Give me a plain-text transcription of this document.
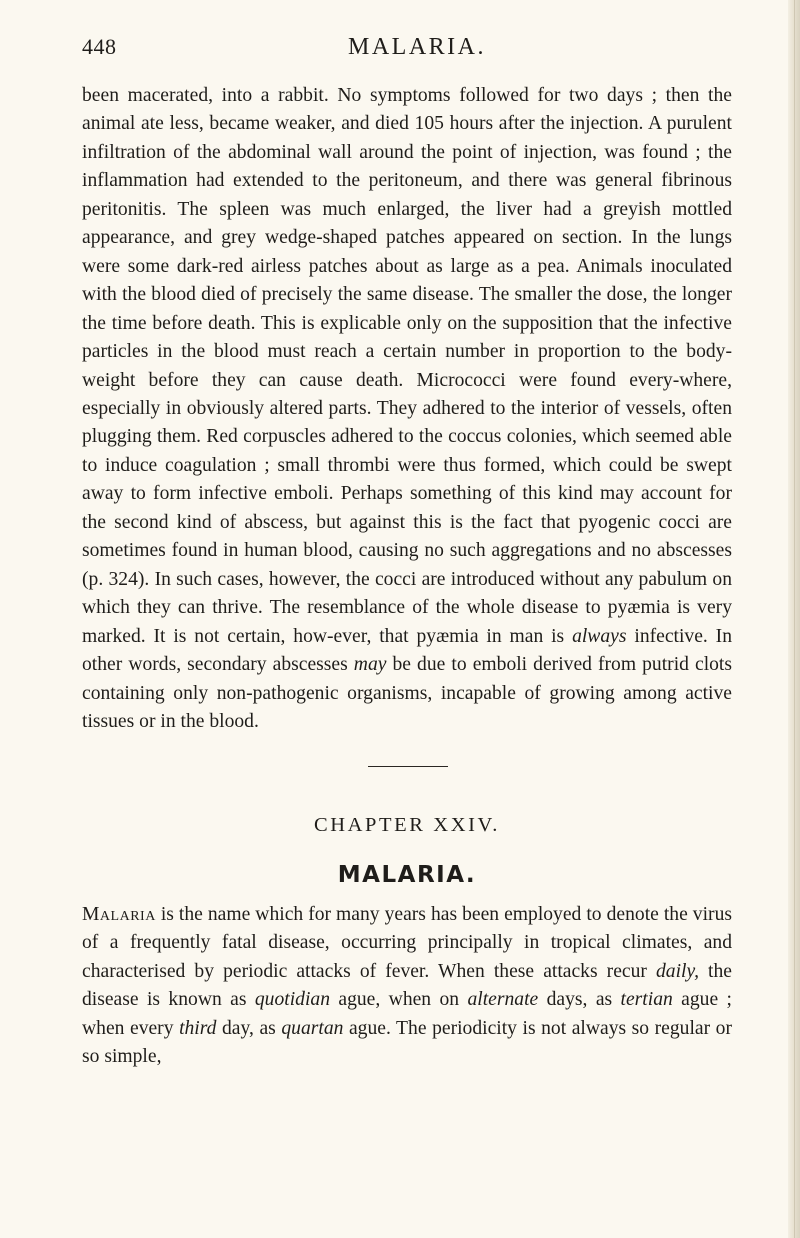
448	MALARIA.

been macerated, into a rabbit. No symptoms followed for two days ; then the animal ate less, became weaker, and died 105 hours after the injection. A purulent infiltration of the abdominal wall around the point of injection, was found ; the inflammation had extended to the peritoneum, and there was general fibrinous peritonitis. The spleen was much enlarged, the liver had a greyish mottled appearance, and grey wedge-shaped patches appeared on section. In the lungs were some dark-red airless patches about as large as a pea. Animals inoculated with the blood died of precisely the same disease. The smaller the dose, the longer the time before death. This is explicable only on the supposition that the infective particles in the blood must reach a certain number in proportion to the body-weight before they can cause death. Micrococci were found every-where, especially in obviously altered parts. They adhered to the interior of vessels, often plugging them. Red corpuscles adhered to the coccus colonies, which seemed able to induce coagulation ; small thrombi were thus formed, which could be swept away to form infective emboli. Perhaps something of this kind may account for the second kind of abscess, but against this is the fact that pyogenic cocci are sometimes found in human blood, causing no such aggregations and no abscesses (p. 324). In such cases, however, the cocci are introduced without any pabulum on which they can thrive. The resemblance of the whole disease to pyæmia is very marked. It is not certain, how-ever, that pyæmia in man is always infective. In other words, secondary abscesses may be due to emboli derived from putrid clots containing only non-pathogenic organisms, incapable of growing among active tissues or in the blood.

CHAPTER XXIV.
MALARIA.

Malaria is the name which for many years has been employed to denote the virus of a frequently fatal disease, occurring principally in tropical climates, and characterised by periodic attacks of fever. When these attacks recur daily, the disease is known as quotidian ague, when on alternate days, as tertian ague ; when every third day, as quartan ague. The periodicity is not always so regular or so simple,
